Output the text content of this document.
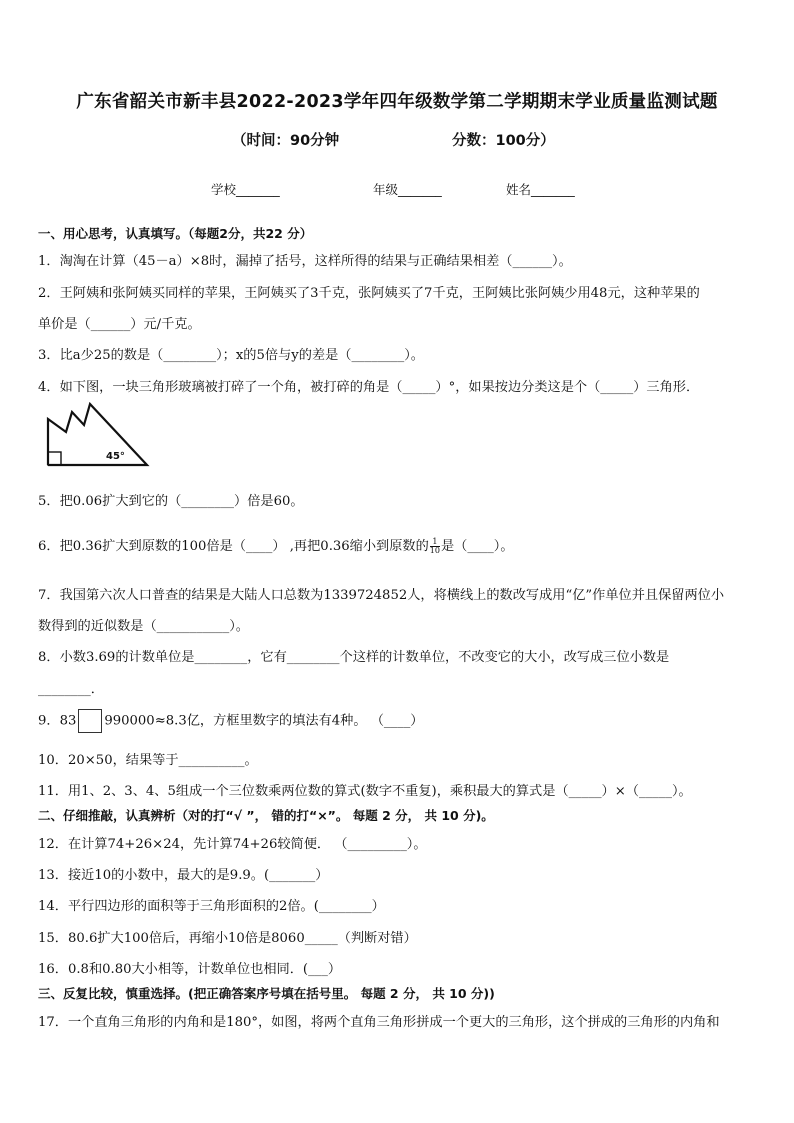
广东省韶关市新丰县2022-2023学年四年级数学第二学期期末学业质量监测试题
（时间：90分钟	分数：100分）
学校_______	年级_______	姓名_______
一、用心思考，认真填写。（每题2分，共22 分）
1．淘淘在计算（45－a）×8时，漏掉了括号，这样所得的结果与正确结果相差（______）。
2．王阿姨和张阿姨买同样的苹果，王阿姨买了3千克，张阿姨买了7千克，王阿姨比张阿姨少用48元，这种苹果的
单价是（______）元/千克。
3．比a少25的数是（________）；x的5倍与y的差是（________）。
4．如下图，一块三角形玻璃被打碎了一个角，被打碎的角是（_____）°，如果按边分类这是个（_____）三角形．
45°
5．把0.06扩大到它的（________）倍是60。
6．把0.36扩大到原数的100倍是（____） ,再把0.36缩小到原数的 $\frac{1}{10}$ 是（____）。
7．我国第六次人口普查的结果是大陆人口总数为1339724852人，将横线上的数改写成用“亿”作单位并且保留两位小
数得到的近似数是（___________）。
8．小数3.69的计数单位是________，它有________个这样的计数单位，不改变它的大小，改写成三位小数是
________．
9．83 990000≈8.3亿，方框里数字的填法有4种。 （____）
10．20×50，结果等于__________。
11．用1、2、3、4、5组成一个三位数乘两位数的算式(数字不重复)，乘积最大的算式是（_____）×（_____）。
二、仔细推敲，认真辨析（对的打“√ ”， 错的打“×”。 每题 2 分， 共 10 分)。
12．在计算74+26×24，先计算74+26较简便． （_________）。
13．接近10的小数中，最大的是9.9。(_______）
14．平行四边形的面积等于三角形面积的2倍。(________）
15．80.6扩大100倍后，再缩小10倍是8060_____（判断对错）
16．0.8和0.80大小相等，计数单位也相同．(___）
三、反复比较，慎重选择。(把正确答案序号填在括号里。 每题 2 分， 共 10 分))
17．一个直角三角形的内角和是180°，如图，将两个直角三角形拼成一个更大的三角形，这个拼成的三角形的内角和
